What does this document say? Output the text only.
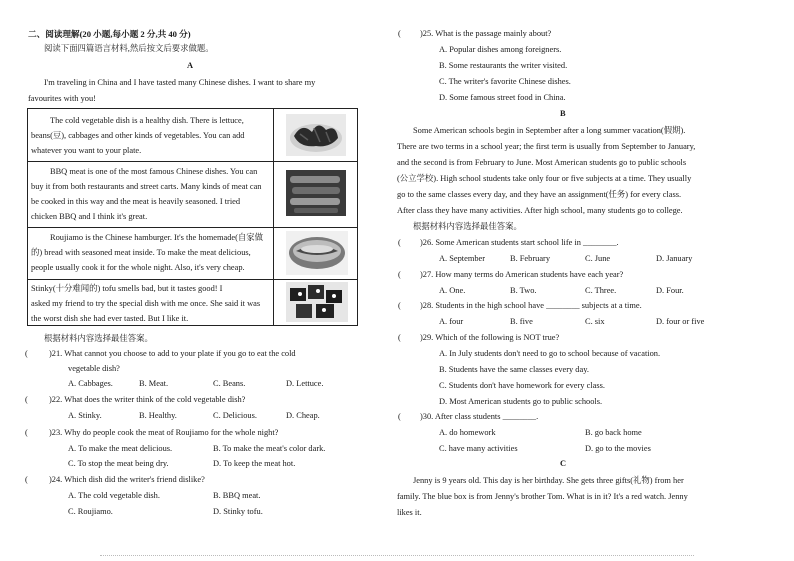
二、阅读理解(20 小题,每小题 2 分,共 40 分)
阅读下面四篇语言材料,然后按文后要求做题。
A
I'm traveling in China and I have tasted many Chinese dishes. I want to share my
favourites with you!
The cold vegetable dish is a healthy dish. There is lettuce,
beans(豆), cabbages and other kinds of vegetables. You can add
whatever you want to your plate.
BBQ meat is one of the most famous Chinese dishes. You can
buy it from both restaurants and street carts. Many kinds of meat can
be cooked in this way and the meat is heavily seasoned. I tried
chicken BBQ and I think it's great.
Roujiamo is the Chinese hamburger. It's the homemade(自家做
的) bread with seasoned meat inside. To make the meat delicious,
people usually cook it for the whole night. Also, it's very cheap.
Stinky(十分难闻的) tofu smells bad, but it tastes good! I
asked my friend to try the special dish with me once. She said it was
the worst dish she had ever tasted. But I like it.
根据材料内容选择最佳答案。
(	)21. What cannot you choose to add to your plate if you go to eat the cold
vegetable dish?
A. Cabbages.	B. Meat.	C. Beans.	D. Lettuce.
(	)22. What does the writer think of the cold vegetable dish?
A. Stinky.	B. Healthy.	C. Delicious.	D. Cheap.
(	)23. Why do people cook the meat of Roujiamo for the whole night?
A. To make the meat delicious.	B. To make the meat's color dark.
C. To stop the meat being dry.	D. To keep the meat hot.
(	)24. Which dish did the writer's friend dislike?
A. The cold vegetable dish.	B. BBQ meat.
C. Roujiamo.	D. Stinky tofu.
( )25. What is the passage mainly about?
A. Popular dishes among foreigners.
B. Some restaurants the writer visited.
C. The writer's favorite Chinese dishes.
D. Some famous street food in China.
B
Some American schools begin in September after a long summer vacation(假期).
There are two terms in a school year; the first term is usually from September to January,
and the second is from February to June. Most American students go to public schools
(公立学校). High school students take only four or five subjects at a time. They usually
go to the same classes every day, and they have an assignment(任务) for every class.
After class they have many activities. After high school, many students go to college.
根据材料内容选择最佳答案。
( )26. Some American students start school life in ________.
A. September	B. February	C. June	D. January
( )27. How many terms do American students have each year?
A. One.	B. Two.	C. Three.	D. Four.
( )28. Students in the high school have ________ subjects at a time.
A. four	B. five	C. six	D. four or five
( )29. Which of the following is NOT true?
A. In July students don't need to go to school because of vacation.
B. Students have the same classes every day.
C. Students don't have homework for every class.
D. Most American students go to public schools.
( )30. After class students ________.
A. do homework	B. go back home
C. have many activities	D. go to the movies
C
Jenny is 9 years old. This day is her birthday. She gets three gifts(礼物) from her
family. The blue box is from Jenny's brother Tom. What is in it? It's a red watch. Jenny
likes it.
